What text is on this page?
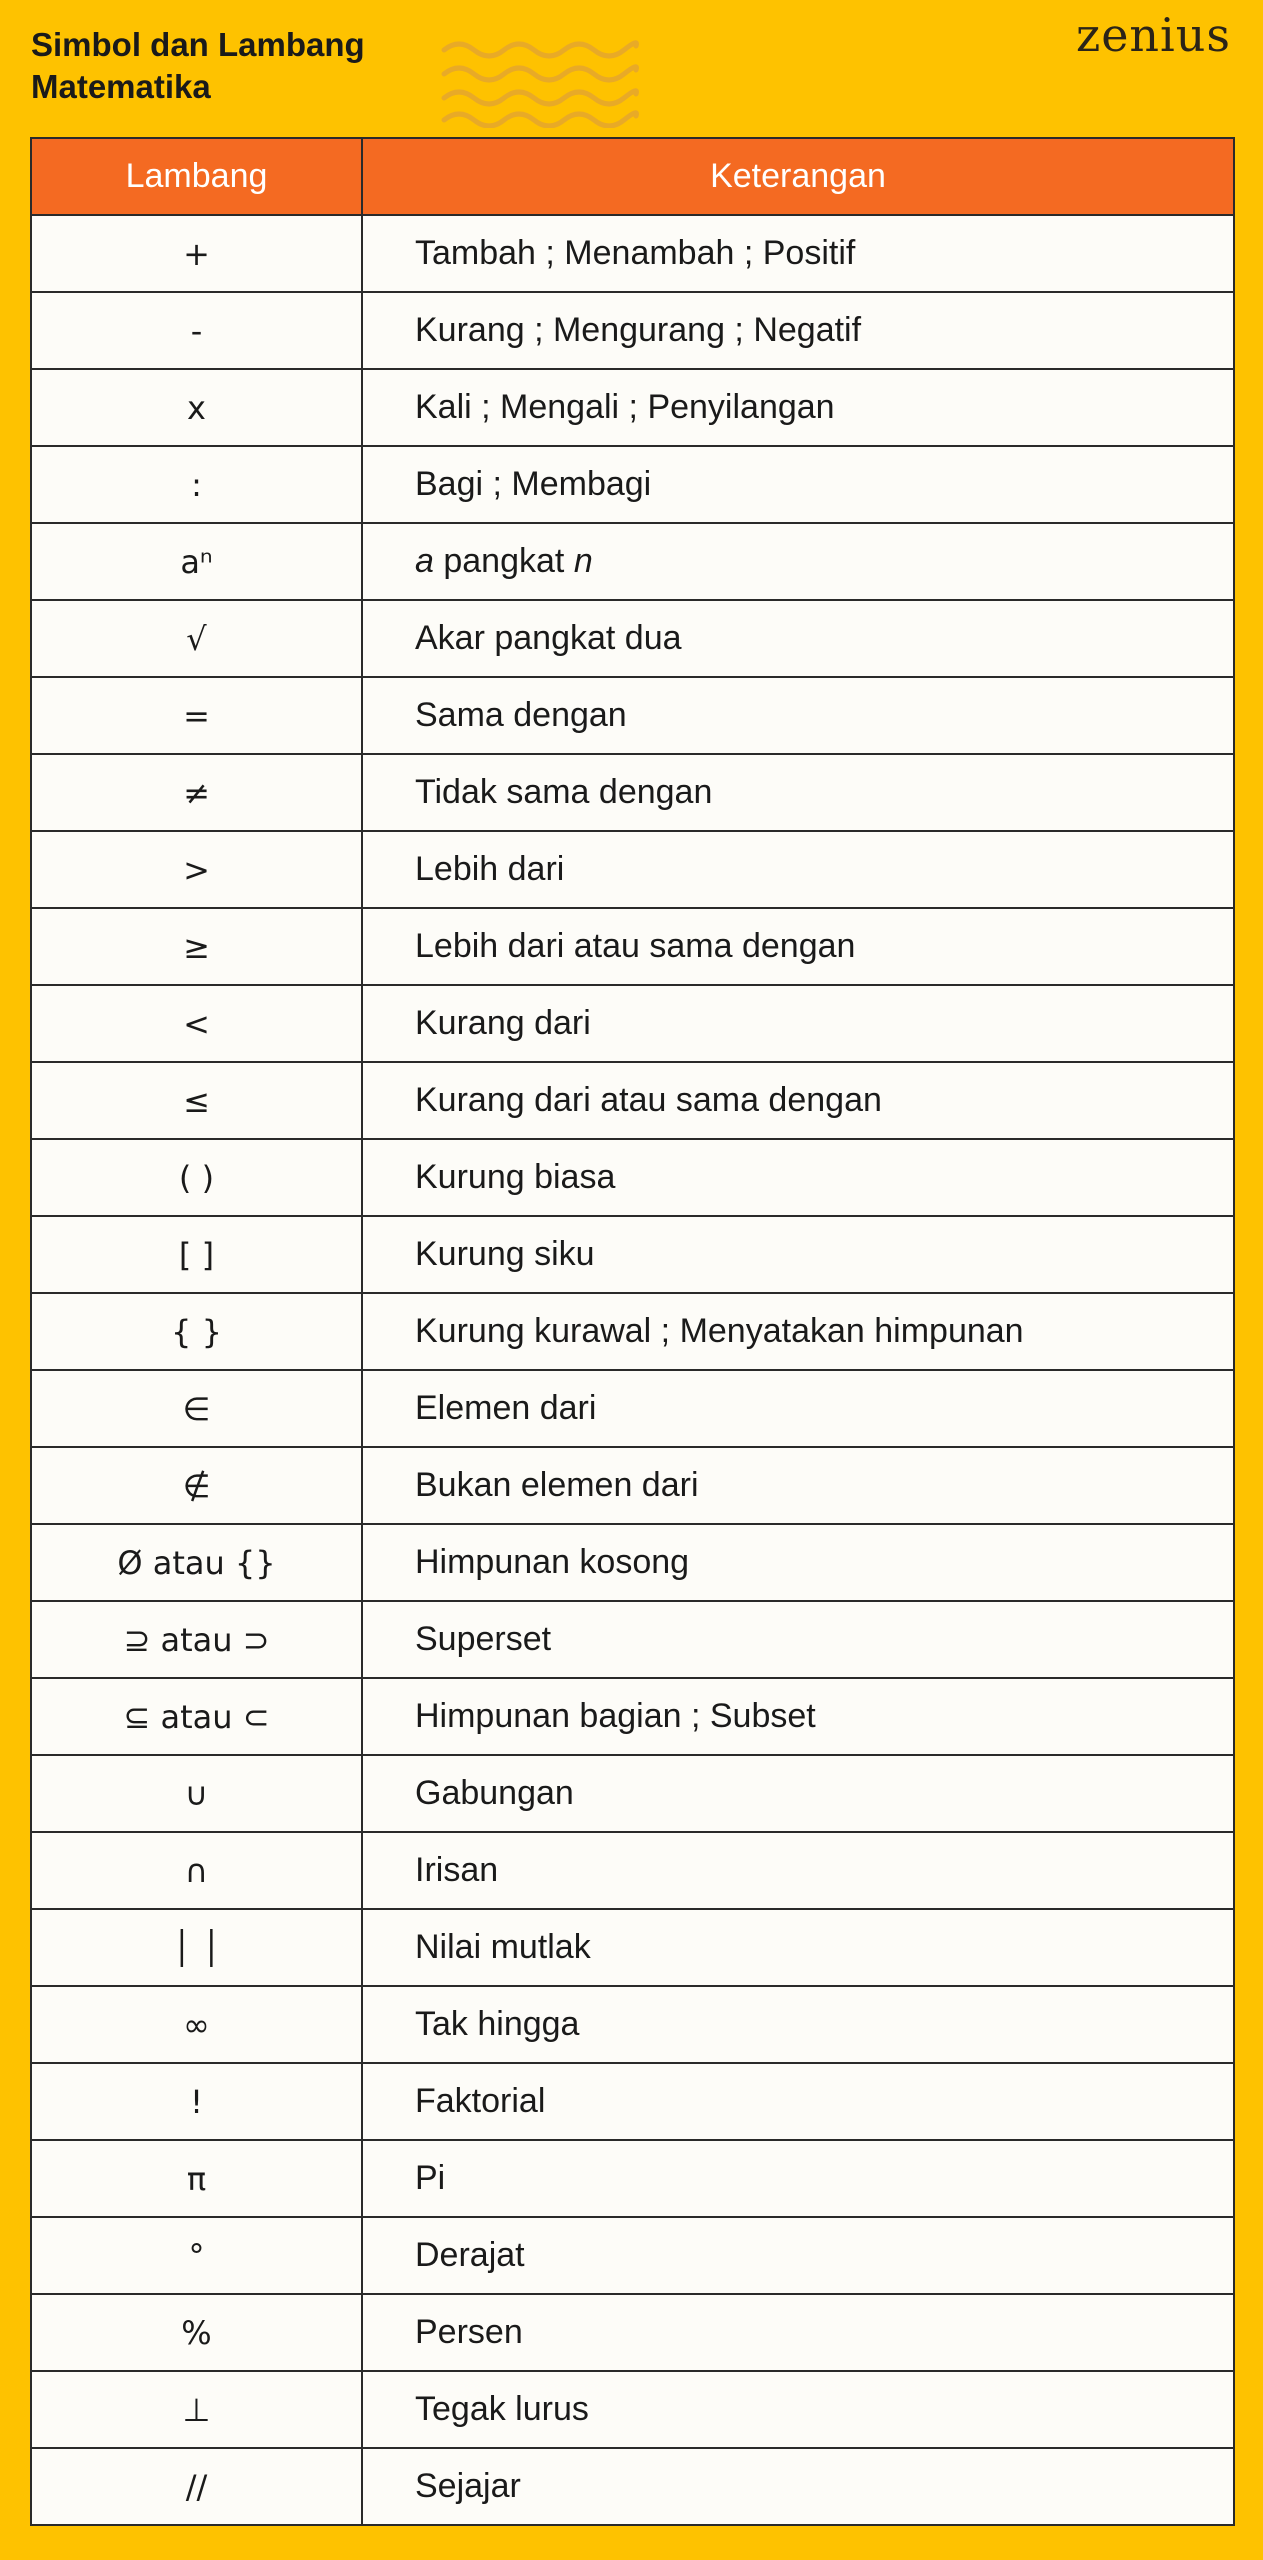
Simbol dan Lambang
Matematika
zenius
Lambang	Keterangan
+	Tambah ; Menambah ; Positif
-	Kurang ; Mengurang ; Negatif
x	Kali ; Mengali ; Penyilangan
:	Bagi ; Membagi
aⁿ	a pangkat n
√	Akar pangkat dua
=	Sama dengan
≠	Tidak sama dengan
>	Lebih dari
≥	Lebih dari atau sama dengan
<	Kurang dari
≤	Kurang dari atau sama dengan
( )	Kurung biasa
[ ]	Kurung siku
{ }	Kurung kurawal ; Menyatakan himpunan
∈	Elemen dari
∉	Bukan elemen dari
Ø atau {}	Himpunan kosong
⊇ atau ⊃	Superset
⊆ atau ⊂	Himpunan bagian ; Subset
∪	Gabungan
∩	Irisan
│ │	Nilai mutlak
∞	Tak hingga
!	Faktorial
π	Pi
°	Derajat
%	Persen
⊥	Tegak lurus
//	Sejajar
